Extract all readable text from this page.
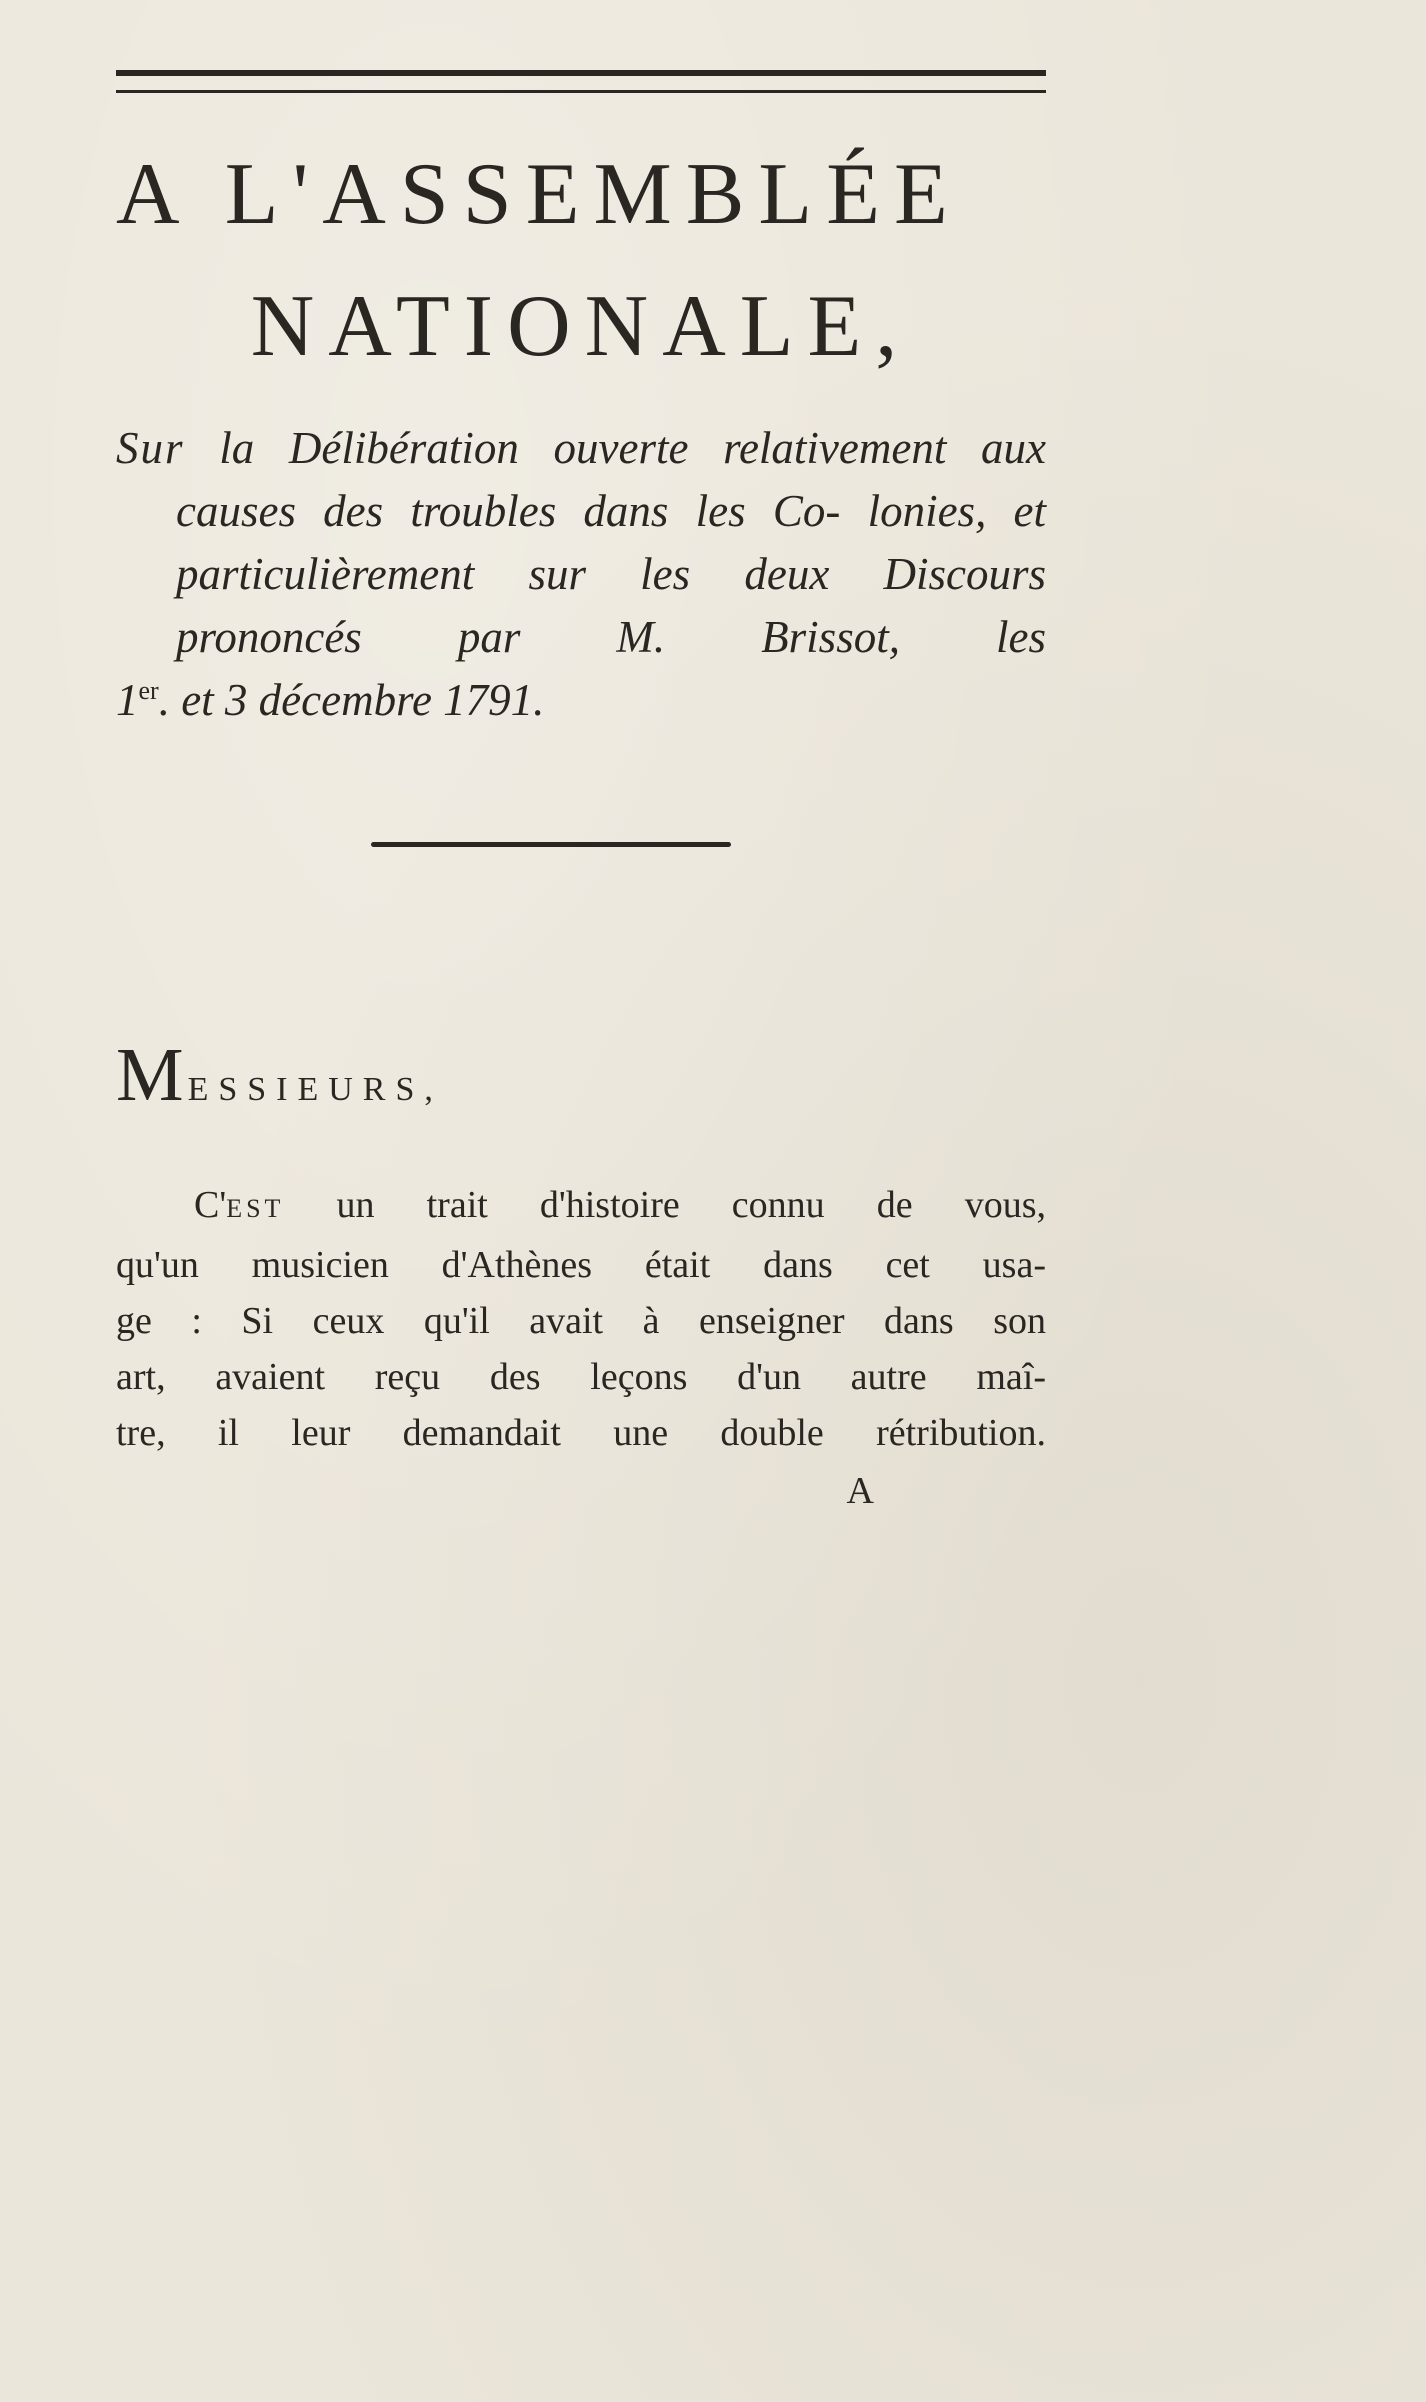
A L'ASSEMBLÉE
NATIONALE,
Sur la Délibération ouverte relativement aux causes des troubles dans les Co- lonies, et particulièrement sur les deux Discours prononcés par M. Brissot, les
1er. et 3 décembre 1791.
MESSIEURS,
C'EST un trait d'histoire connu de vous,
qu'un musicien d'Athènes était dans cet usa-
ge : Si ceux qu'il avait à enseigner dans son
art, avaient reçu des leçons d'un autre maî-
tre, il leur demandait une double rétribution.
A
